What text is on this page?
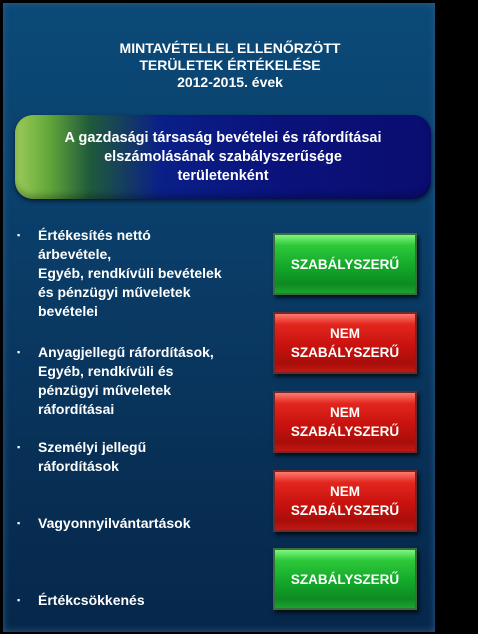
MINTAVÉTELLEL ELLENŐRZÖTT
TERÜLETEK ÉRTÉKELÉSE
2012-2015. évek
A gazdasági társaság bevételei és ráfordításai
elszámolásának szabályszerűsége
területenként
▪	Értékesítés nettó
árbevétele,
Egyéb, rendkívüli bevételek
és pénzügyi műveletek
bevételei
SZABÁLYSZERŰ
▪	Anyagjellegű ráfordítások,
Egyéb, rendkívüli és
pénzügyi műveletek
ráfordításai
NEM
SZABÁLYSZERŰ
▪	Személyi jellegű
ráfordítások
NEM
SZABÁLYSZERŰ
▪	Vagyonnyilvántartások
NEM
SZABÁLYSZERŰ
▪	Értékcsökkenés
SZABÁLYSZERŰ
